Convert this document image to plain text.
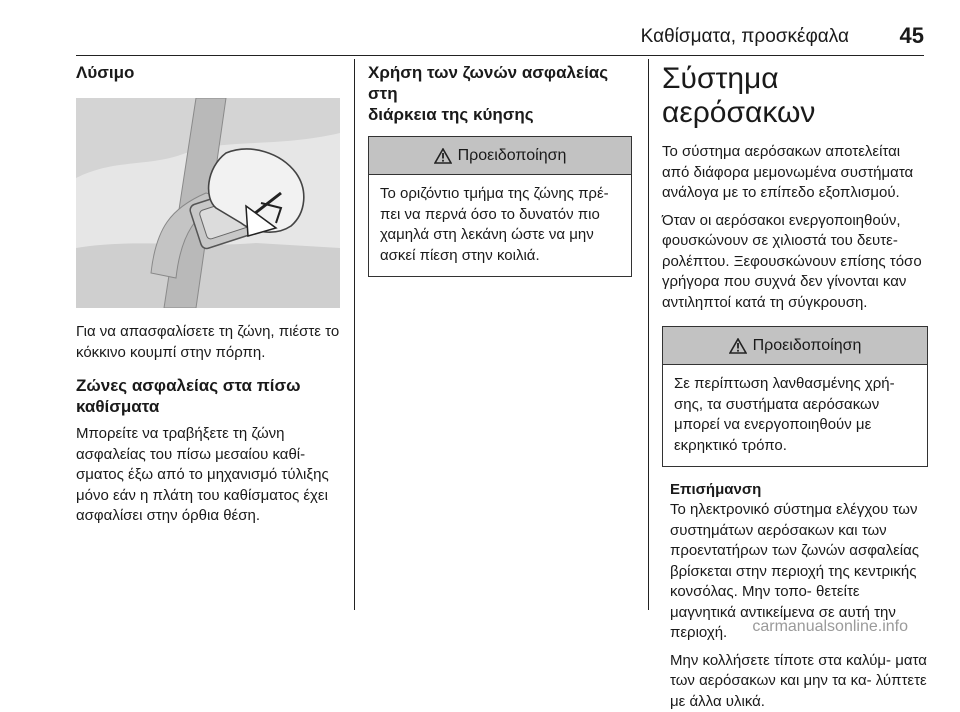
Καθίσματα, προσκέφαλα 45
Λύσιμο

Για να απασφαλίσετε τη ζώνη, πιέστε το κόκκινο κουμπί στην πόρπη.

Ζώνες ασφαλείας στα πίσω
καθίσματα

Μπορείτε να τραβήξετε τη ζώνη ασφαλείας του πίσω μεσαίου καθί- σματος έξω από το μηχανισμό τύλιξης μόνο εάν η πλάτη του καθίσματος έχει ασφαλίσει στην όρθια θέση.

Χρήση των ζωνών ασφαλείας στη
διάρκεια της κύησης
Προειδοποίηση
Το οριζόντιο τμήμα της ζώνης πρέ- πει να περνά όσο το δυνατόν πιο χαμηλά στη λεκάνη ώστε να μην ασκεί πίεση στην κοιλιά.
Σύστημα αερόσακων

Το σύστημα αερόσακων αποτελείται από διάφορα μεμονωμένα συστήματα ανάλογα με το επίπεδο εξοπλισμού.

Όταν οι αερόσακοι ενεργοποιηθούν, φουσκώνουν σε χιλιοστά του δευτε- ρολέπτου. Ξεφουσκώνουν επίσης τόσο γρήγορα που συχνά δεν γίνονται καν αντιληπτοί κατά τη σύγκρουση.

Προειδοποίηση
Σε περίπτωση λανθασμένης χρή- σης, τα συστήματα αερόσακων μπορεί να ενεργοποιηθούν με εκρηκτικό τρόπο.
Επισήμανση

Το ηλεκτρονικό σύστημα ελέγχου των συστημάτων αερόσακων και των προεντατήρων των ζωνών ασφαλείας βρίσκεται στην περιοχή της κεντρικής κονσόλας. Μην τοπο- θετείτε μαγνητικά αντικείμενα σε αυτή την περιοχή.

Μην κολλήσετε τίποτε στα καλύμ- ματα των αερόσακων και μην τα κα- λύπτετε με άλλα υλικά.

carmanualsonline.info
